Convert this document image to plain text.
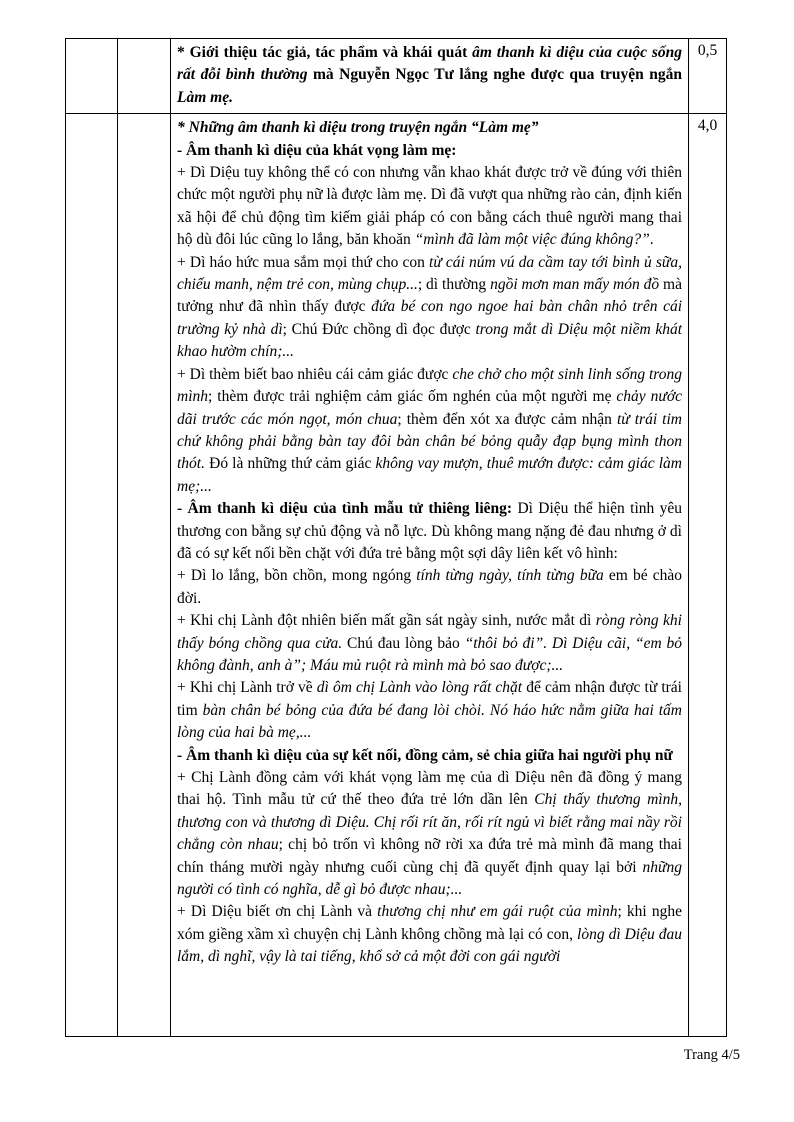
* Giới thiệu tác giả, tác phẩm và khái quát âm thanh kì diệu của cuộc sống rất đỗi bình thường mà Nguyễn Ngọc Tư lắng nghe được qua truyện ngắn Làm mẹ.

0,5

* Những âm thanh kì diệu trong truyện ngắn “Làm mẹ”

- Âm thanh kì diệu của khát vọng làm mẹ:

+ Dì Diệu tuy không thể có con nhưng vẫn khao khát được trở về đúng với thiên chức một người phụ nữ là được làm mẹ. Dì đã vượt qua những rào cản, định kiến xã hội để chủ động tìm kiếm giải pháp có con bằng cách thuê người mang thai hộ dù đôi lúc cũng lo lắng, băn khoăn “mình đã làm một việc đúng không?”.

+ Dì háo hức mua sắm mọi thứ cho con từ cái núm vú da cầm tay tới bình ủ sữa, chiếu manh, nệm trẻ con, mùng chụp...; dì thường ngồi mơn man mấy món đồ mà tưởng như đã nhìn thấy được đứa bé con ngo ngoe hai bàn chân nhỏ trên cái trường kỷ nhà dì; Chú Đức chồng dì đọc được trong mắt dì Diệu một niềm khát khao hườm chín;...

+ Dì thèm biết bao nhiêu cái cảm giác được che chở cho một sinh linh sống trong mình; thèm được trải nghiệm cảm giác ốm nghén của một người mẹ chảy nước dãi trước các món ngọt, món chua; thèm đến xót xa được cảm nhận từ trái tim chứ không phải bằng bàn tay đôi bàn chân bé bỏng quẫy đạp bụng mình thon thót. Đó là những thứ cảm giác không vay mượn, thuê mướn được: cảm giác làm mẹ;...

- Âm thanh kì diệu của tình mẫu tử thiêng liêng: Dì Diệu thể hiện tình yêu thương con bằng sự chủ động và nỗ lực. Dù không mang nặng đẻ đau nhưng ở dì đã có sự kết nối bền chặt với đứa trẻ bằng một sợi dây liên kết vô hình:

+ Dì lo lắng, bồn chồn, mong ngóng tính từng ngày, tính từng bữa em bé chào đời.

+ Khi chị Lành đột nhiên biến mất gần sát ngày sinh, nước mắt dì ròng ròng khi thấy bóng chồng qua cửa. Chú đau lòng bảo “thôi bỏ đi”. Dì Diệu cãi, “em bỏ không đành, anh à”; Máu mủ ruột rà mình mà bỏ sao được;...

+ Khi chị Lành trở về dì ôm chị Lành vào lòng rất chặt để cảm nhận được từ trái tim bàn chân bé bỏng của đứa bé đang lòi chòi. Nó háo hức nằm giữa hai tấm lòng của hai bà mẹ,...

- Âm thanh kì diệu của sự kết nối, đồng cảm, sẻ chia giữa hai người phụ nữ

+ Chị Lành đồng cảm với khát vọng làm mẹ của dì Diệu nên đã đồng ý mang thai hộ. Tình mẫu tử cứ thế theo đứa trẻ lớn dần lên Chị thấy thương mình, thương con và thương dì Diệu. Chị rối rít ăn, rối rít ngủ vì biết rằng mai nầy rồi chẳng còn nhau; chị bỏ trốn vì không nỡ rời xa đứa trẻ mà mình đã mang thai chín tháng mười ngày nhưng cuối cùng chị đã quyết định quay lại bởi những người có tình có nghĩa, dễ gì bỏ được nhau;...

+ Dì Diệu biết ơn chị Lành và thương chị như em gái ruột của mình; khi nghe xóm giềng xầm xì chuyện chị Lành không chồng mà lại có con, lòng dì Diệu đau lắm, dì nghĩ, vậy là tai tiếng, khổ sở cả một đời con gái người

4,0
Trang 4/5
